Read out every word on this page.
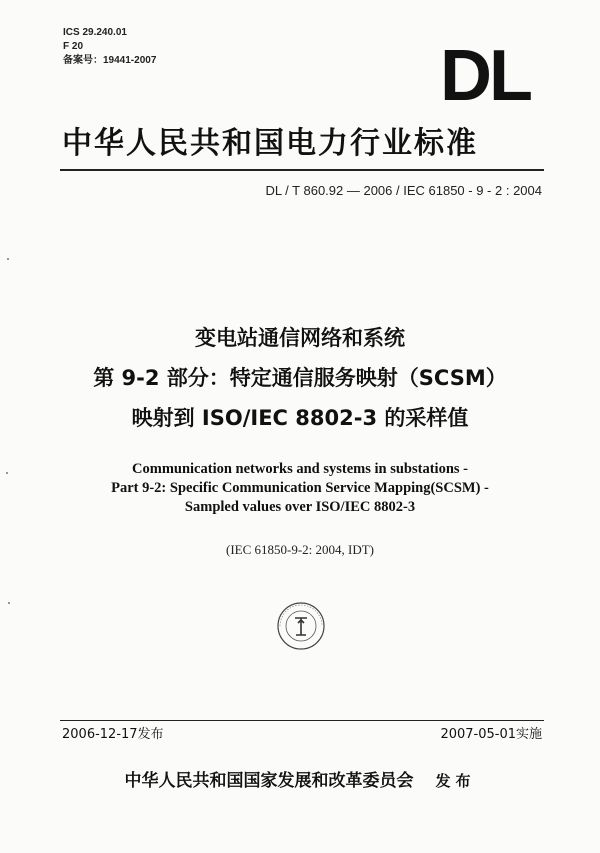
ICS 29.240.01
F 20
备案号：19441-2007	DL
中华人民共和国电力行业标准
DL / T 860.92 — 2006 / IEC 61850 - 9 - 2 : 2004
变电站通信网络和系统
第 9-2 部分：特定通信服务映射（SCSM）
映射到 ISO/IEC 8802-3 的采样值
Communication networks and systems in substations -
Part 9-2: Specific Communication Service Mapping(SCSM) -
Sampled values over ISO/IEC 8802-3
(IEC 61850-9-2: 2004, IDT)
2006-12-17发布	2007-05-01实施
中华人民共和国国家发展和改革委员会 发布
